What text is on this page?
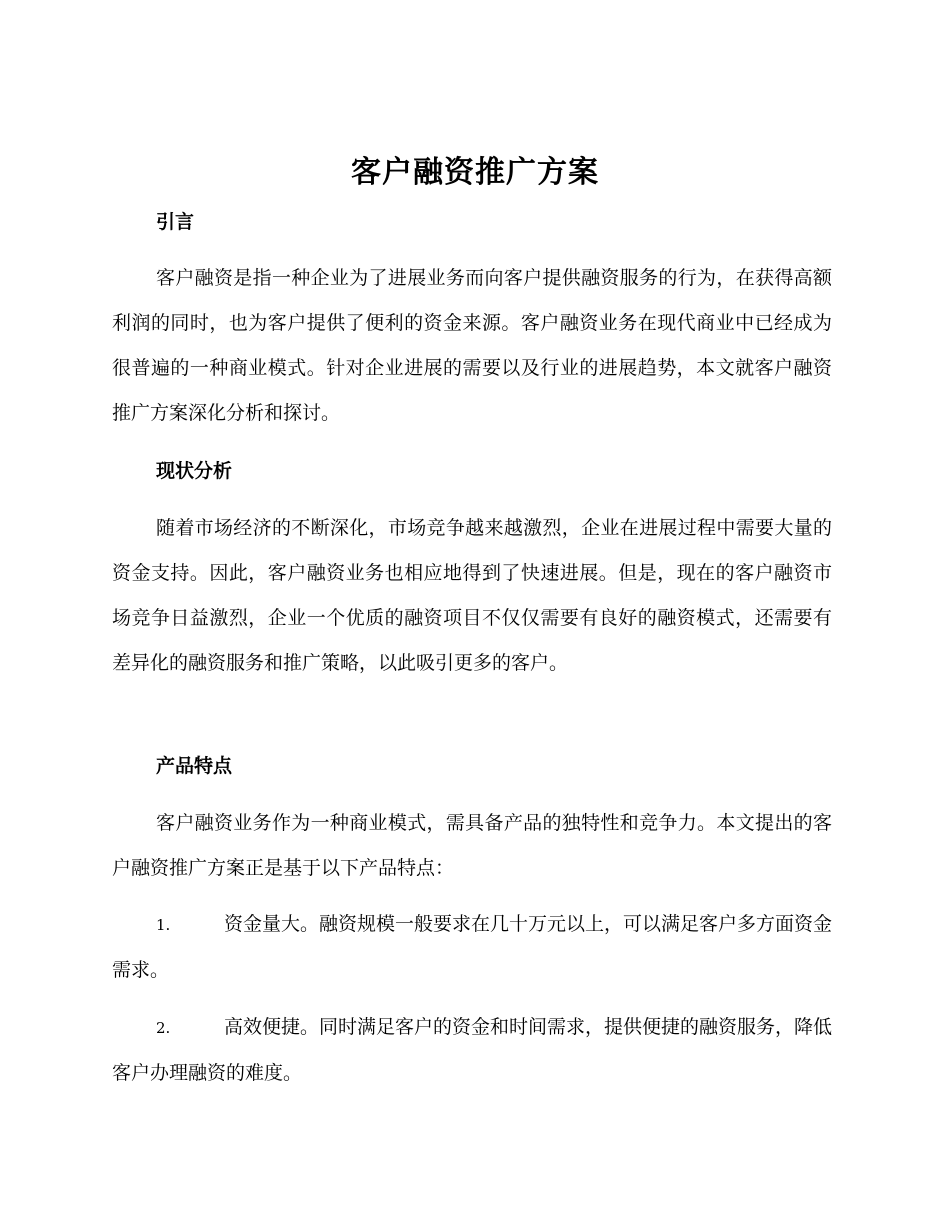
客户融资推广方案
引言

客户融资是指一种企业为了进展业务而向客户提供融资服务的行为，在获得高额利润的同时，也为客户提供了便利的资金来源。客户融资业务在现代商业中已经成为很普遍的一种商业模式。针对企业进展的需要以及行业的进展趋势，本文就客户融资推广方案深化分析和探讨。

现状分析

随着市场经济的不断深化，市场竞争越来越激烈，企业在进展过程中需要大量的资金支持。因此，客户融资业务也相应地得到了快速进展。但是，现在的客户融资市场竞争日益激烈，企业一个优质的融资项目不仅仅需要有良好的融资模式，还需要有差异化的融资服务和推广策略，以此吸引更多的客户。

产品特点

客户融资业务作为一种商业模式，需具备产品的独特性和竞争力。本文提出的客户融资推广方案正是基于以下产品特点：

1.	资金量大。融资规模一般要求在几十万元以上，可以满足客户多方面资金需求。

2.	高效便捷。同时满足客户的资金和时间需求，提供便捷的融资服务，降低客户办理融资的难度。
